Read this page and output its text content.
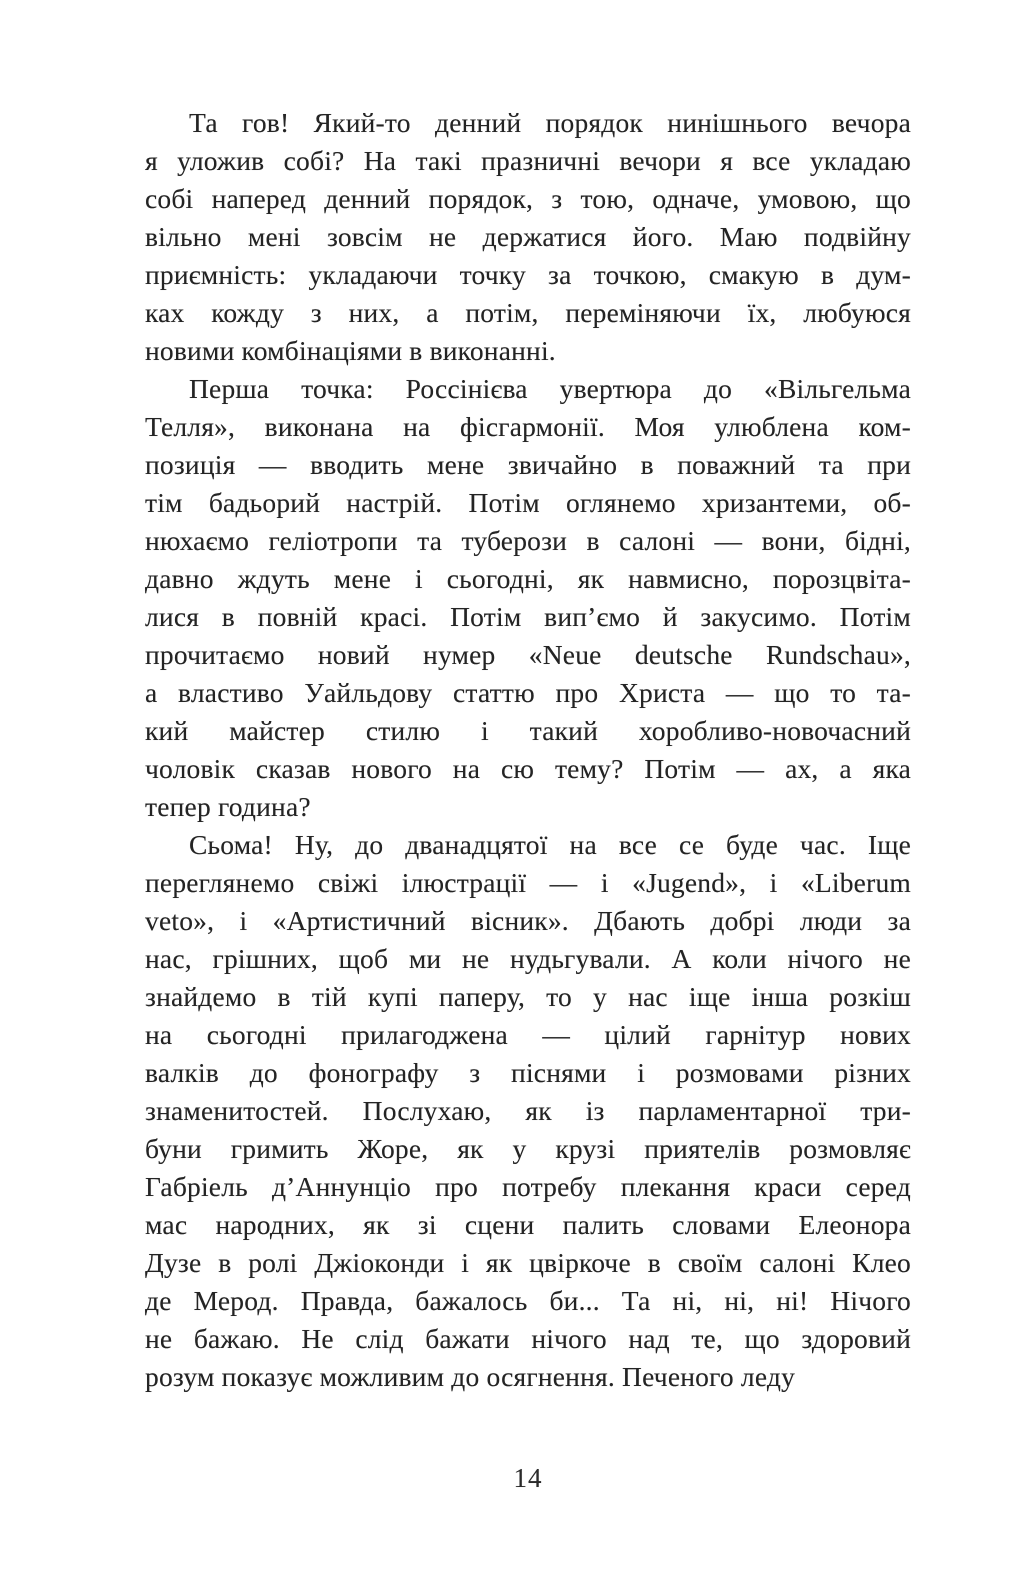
Та гов! Який-то денний порядок нинішнього вечора
я уложив собі? На такі празничні вечори я все укладаю
собі наперед денний порядок, з тою, одначе, умовою, що
вільно мені зовсім не держатися його. Маю подвійну
приємність: укладаючи точку за точкою, смакую в дум-
ках кожду з них, а потім, переміняючи їх, любуюся
новими комбінаціями в виконанні.
Перша точка: Россінієва увертюра до «Вільгельма
Телля», виконана на фісгармонії. Моя улюблена ком-
позиція — вводить мене звичайно в поважний та при
тім бадьорий настрій. Потім оглянемо хризантеми, об-
нюхаємо геліотропи та туберози в салоні — вони, бідні,
давно ждуть мене і сьогодні, як навмисно, порозцвіта-
лися в повній красі. Потім вип’ємо й закусимо. Потім
прочитаємо новий нумер «Neue deutsche Rundschau»,
а властиво Уайльдову статтю про Христа — що то та-
кий майстер стилю і такий хоробливо-новочасний
чоловік сказав нового на сю тему? Потім — ах, а яка
тепер година?
Сьома! Ну, до дванадцятої на все се буде час. Іще
переглянемо свіжі ілюстрації — і «Jugend», і «Liberum
veto», і «Артистичний вісник». Дбають добрі люди за
нас, грішних, щоб ми не нудьгували. А коли нічого не
знайдемо в тій купі паперу, то у нас іще інша розкіш
на сьогодні прилагоджена — цілий гарнітур нових
валків до фонографу з піснями і розмовами різних
знаменитостей. Послухаю, як із парламентарної три-
буни гримить Жоре, як у крузі приятелів розмовляє
Габріель д’Аннунціо про потребу плекання краси серед
мас народних, як зі сцени палить словами Елеонора
Дузе в ролі Джіоконди і як цвіркоче в своїм салоні Клео
де Мерод. Правда, бажалось би... Та ні, ні, ні! Нічого
не бажаю. Не слід бажати нічого над те, що здоровий
розум показує можливим до осягнення. Печеного леду
14
